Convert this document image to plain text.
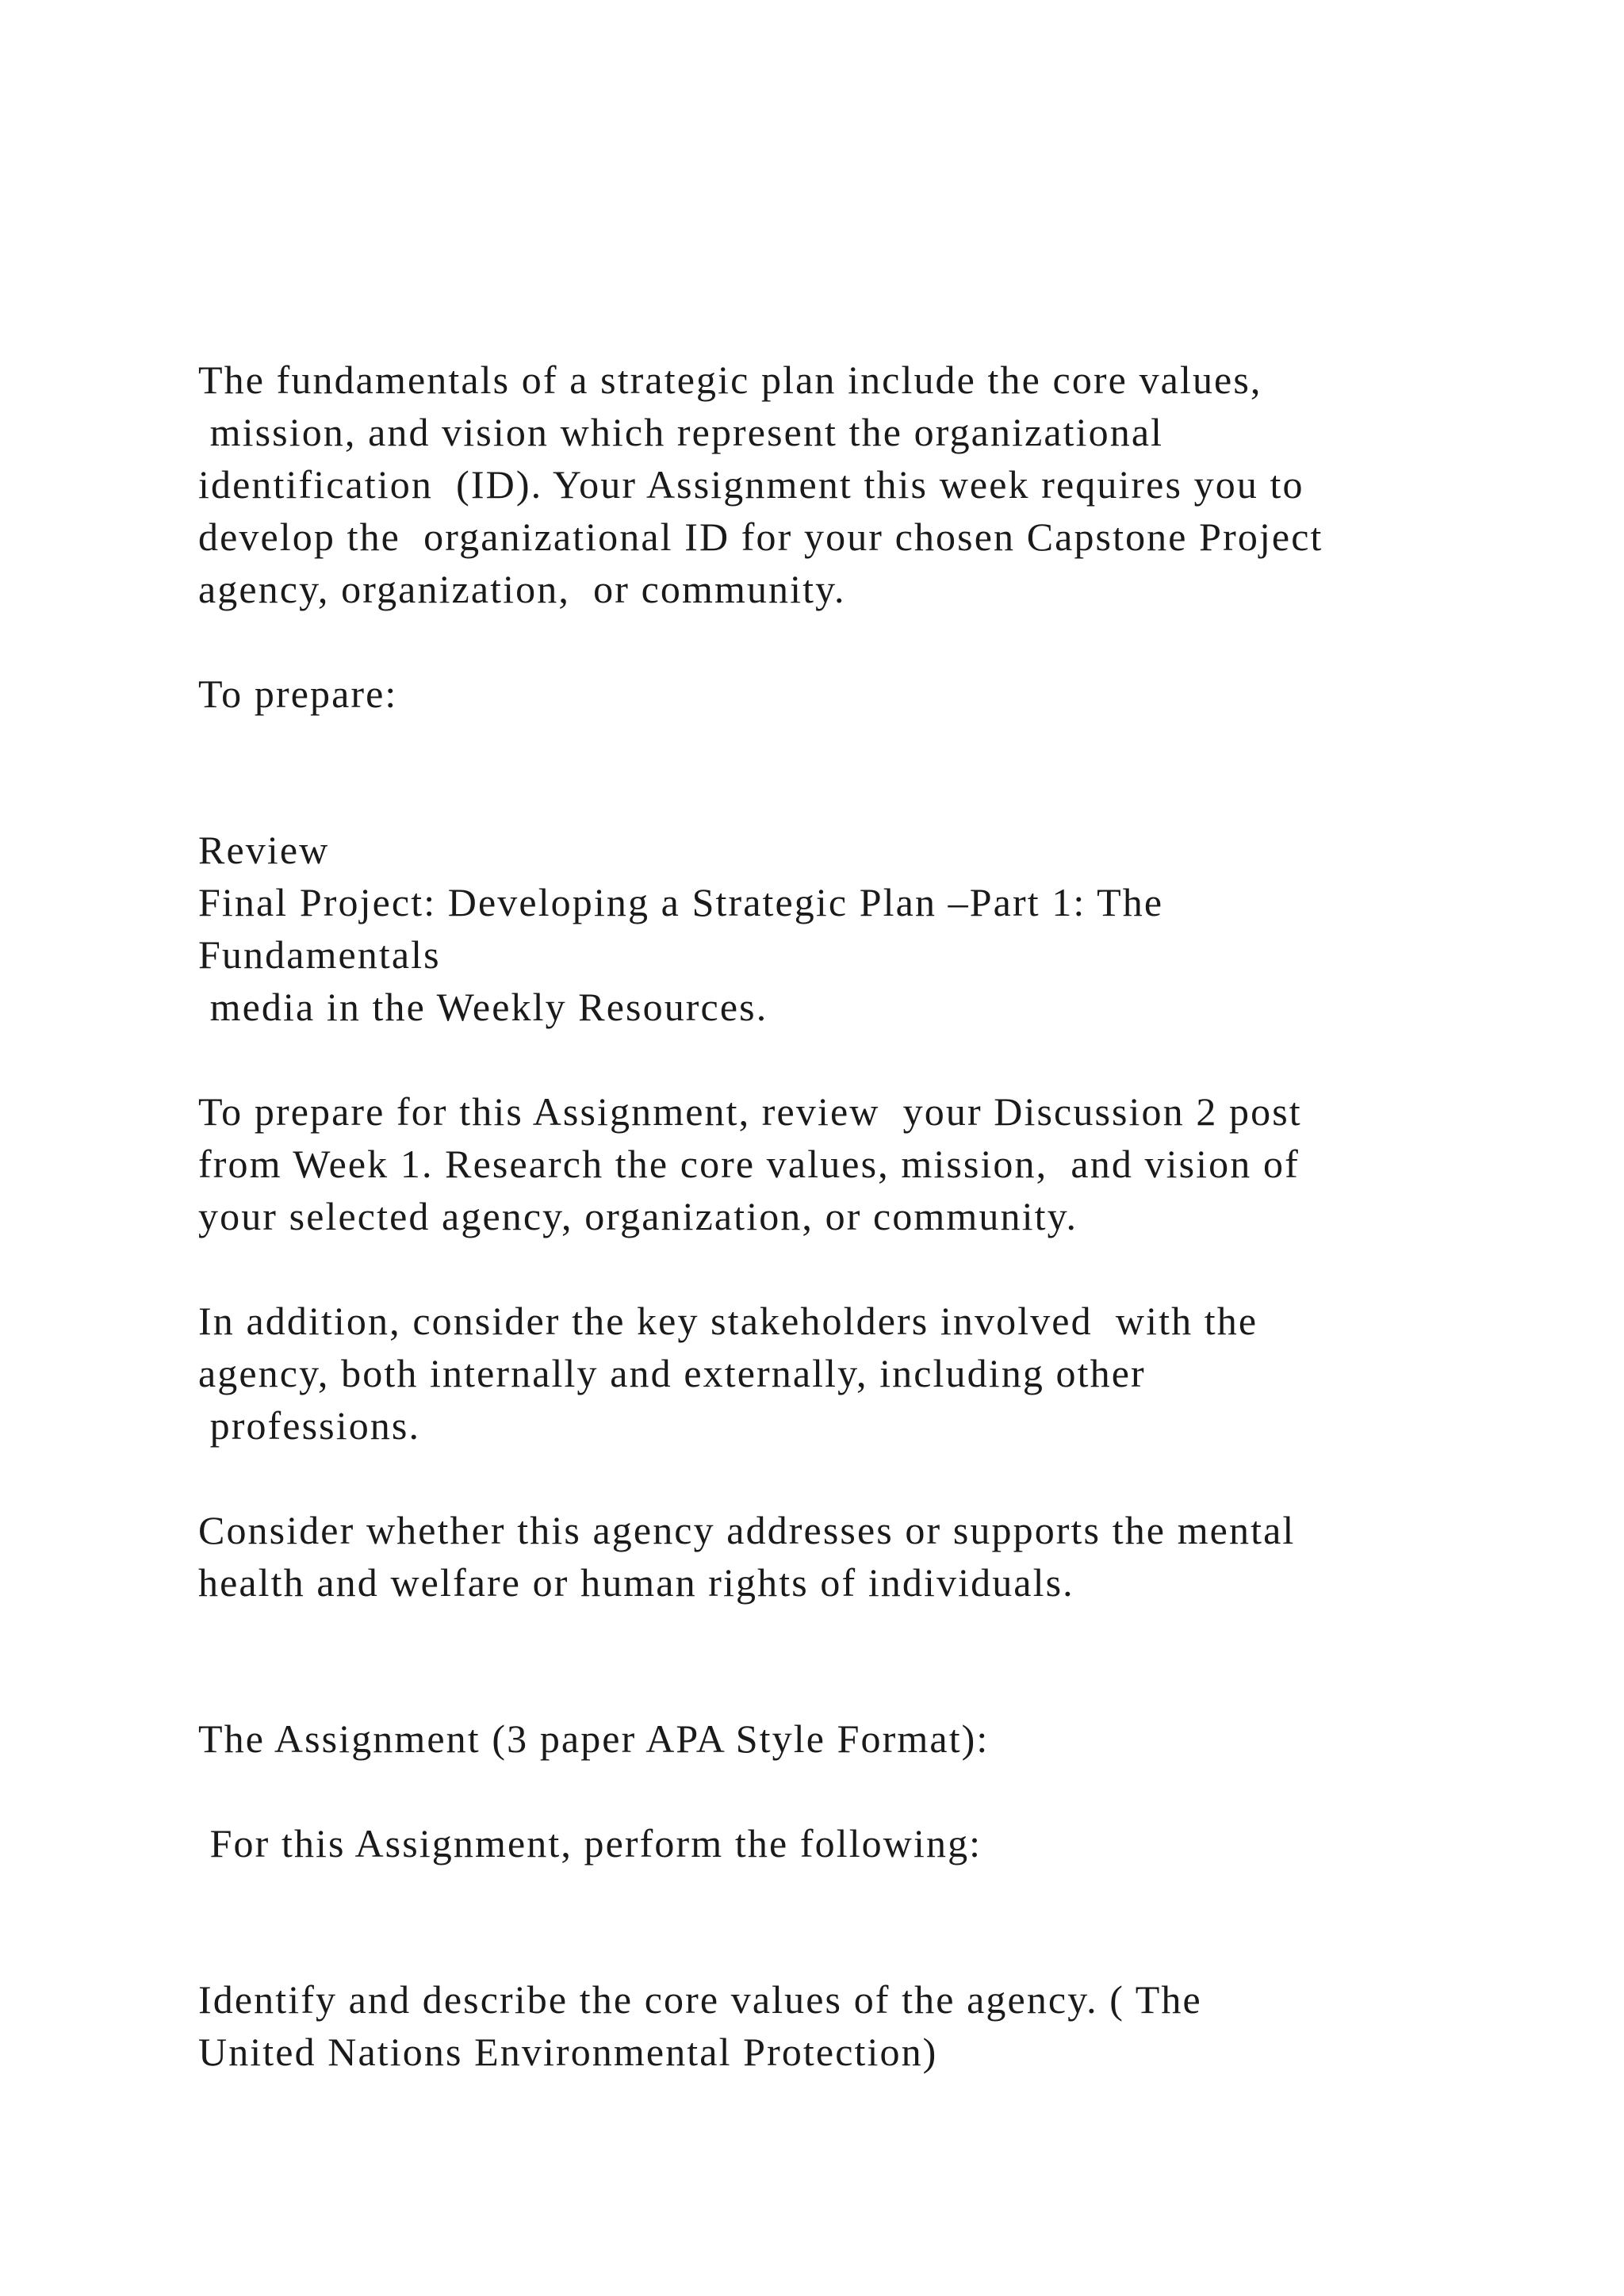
The fundamentals of a strategic plan include the core values,

mission, and vision which represent the organizational

identification  (ID). Your Assignment this week requires you to

develop the  organizational ID for your chosen Capstone Project

agency, organization,  or community.

To prepare:

Review

Final Project: Developing a Strategic Plan –Part 1: The

Fundamentals

media in the Weekly Resources.

To prepare for this Assignment, review  your Discussion 2 post

from Week 1. Research the core values, mission,  and vision of

your selected agency, organization, or community.

In addition, consider the key stakeholders involved  with the

agency, both internally and externally, including other

professions.

Consider whether this agency addresses or supports the mental

health and welfare or human rights of individuals.

The Assignment (3 paper APA Style Format):

For this Assignment, perform the following:

Identify and describe the core values of the agency. ( The

United Nations Environmental Protection)
